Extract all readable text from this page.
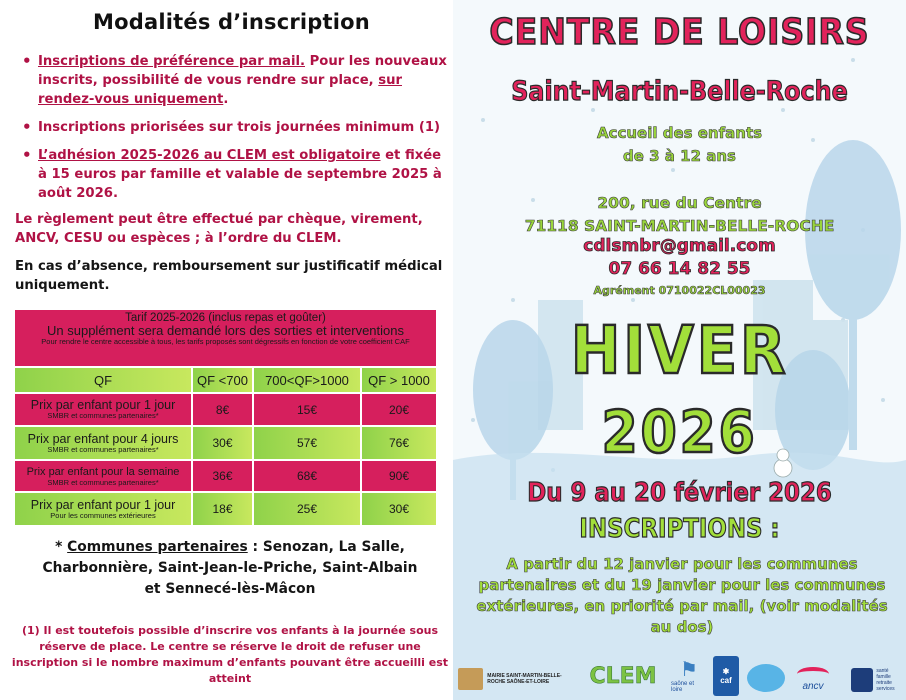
Modalités d’inscription
• Inscriptions de préférence par mail. Pour les nouveaux inscrits, possibilité de vous rendre sur place, sur rendez-vous uniquement.
• Inscriptions priorisées sur trois journées minimum (1)
• L’adhésion 2025-2026 au CLEM est obligatoire et fixée à 15 euros par famille et valable de septembre 2025 à août 2026.
Le règlement peut être effectué par chèque, virement, ANCV, CESU ou espèces ; à l’ordre du CLEM.
En cas d’absence, remboursement sur justificatif médical uniquement.
Tarif 2025-2026 (inclus repas et goûter)
Un supplément sera demandé lors des sorties et interventions
Pour rendre le centre accessible à tous, les tarifs proposés sont dégressifs en fonction de votre coefficient CAF
QF	QF <700	700<QF>1000	QF > 1000
Prix par enfant pour 1 jour
SMBR et communes partenaires*	8€	15€	20€
Prix par enfant pour 4 jours
SMBR et communes partenaires*	30€	57€	76€
Prix par enfant pour la semaine
SMBR et communes partenaires*	36€	68€	90€
Prix par enfant pour 1 jour
Pour les communes extérieures	18€	25€	30€
* Communes partenaires : Senozan, La Salle, Charbonnière, Saint-Jean-le-Priche, Saint-Albain et Sennecé-lès-Mâcon
(1) Il est toutefois possible d’inscrire vos enfants à la journée sous réserve de place. Le centre se réserve le droit de refuser une inscription si le nombre maximum d’enfants pouvant être accueilli est atteint
CENTRE DE LOISIRS
Saint-Martin-Belle-Roche
Accueil des enfants
de 3 à 12 ans
200, rue du Centre
71118 SAINT-MARTIN-BELLE-ROCHE
cdlsmbr@gmail.com
07 66 14 82 55
Agrément 0710022CL00023
HIVER
2026
Du 9 au 20 février 2026
INSCRIPTIONS :
A partir du 12 janvier pour les communes partenaires et du 19 janvier pour les communes extérieures, en priorité par mail, (voir modalités au dos)
MAIRIE SAINT-MARTIN-BELLE-ROCHE SAÔNE-ET-LOIRE	CLEM ⚑
saône et loire
✱
caf	ancv
santé
famille
retraite
services
